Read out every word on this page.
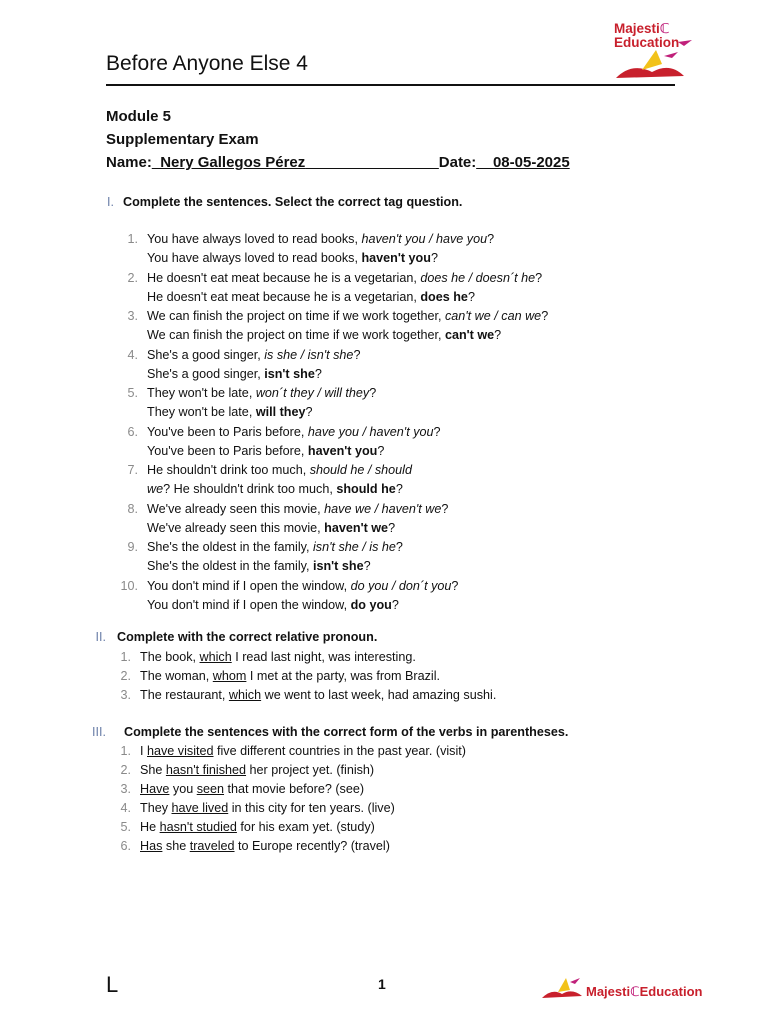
Before Anyone Else 4
Majestiℂ
Education
Module 5
Supplementary Exam
Name:_Nery Gallegos Pérez________________Date:__08-05-2025
I. Complete the sentences. Select the correct tag question.
1. You have always loved to read books, haven't you / have you?
You have always loved to read books, haven't you?
2. He doesn't eat meat because he is a vegetarian, does he / doesn´t he?
He doesn't eat meat because he is a vegetarian, does he?
3. We can finish the project on time if we work together, can't we / can we?
We can finish the project on time if we work together, can't we?
4. She's a good singer, is she / isn't she?
She's a good singer, isn't she?
5. They won't be late, won´t they / will they?
They won't be late, will they?
6. You've been to Paris before, have you / haven't you?
You've been to Paris before, haven't you?
7. He shouldn't drink too much, should he / should
we? He shouldn't drink too much, should he?
8. We've already seen this movie, have we / haven't we?
We've already seen this movie, haven't we?
9. She's the oldest in the family, isn't she / is he?
She's the oldest in the family, isn't she?
10. You don't mind if I open the window, do you / don´t you?
You don't mind if I open the window, do you?
II. Complete with the correct relative pronoun.
1. The book, which I read last night, was interesting.
2. The woman, whom I met at the party, was from Brazil.
3. The restaurant, which we went to last week, had amazing sushi.
III. Complete the sentences with the correct form of the verbs in parentheses.
1. I have visited five different countries in the past year. (visit)
2. She hasn't finished her project yet. (finish)
3. Have you seen that movie before? (see)
4. They have lived in this city for ten years. (live)
5. He hasn't studied for his exam yet. (study)
6. Has she traveled to Europe recently? (travel)
L	1	MajestiℂEducation
